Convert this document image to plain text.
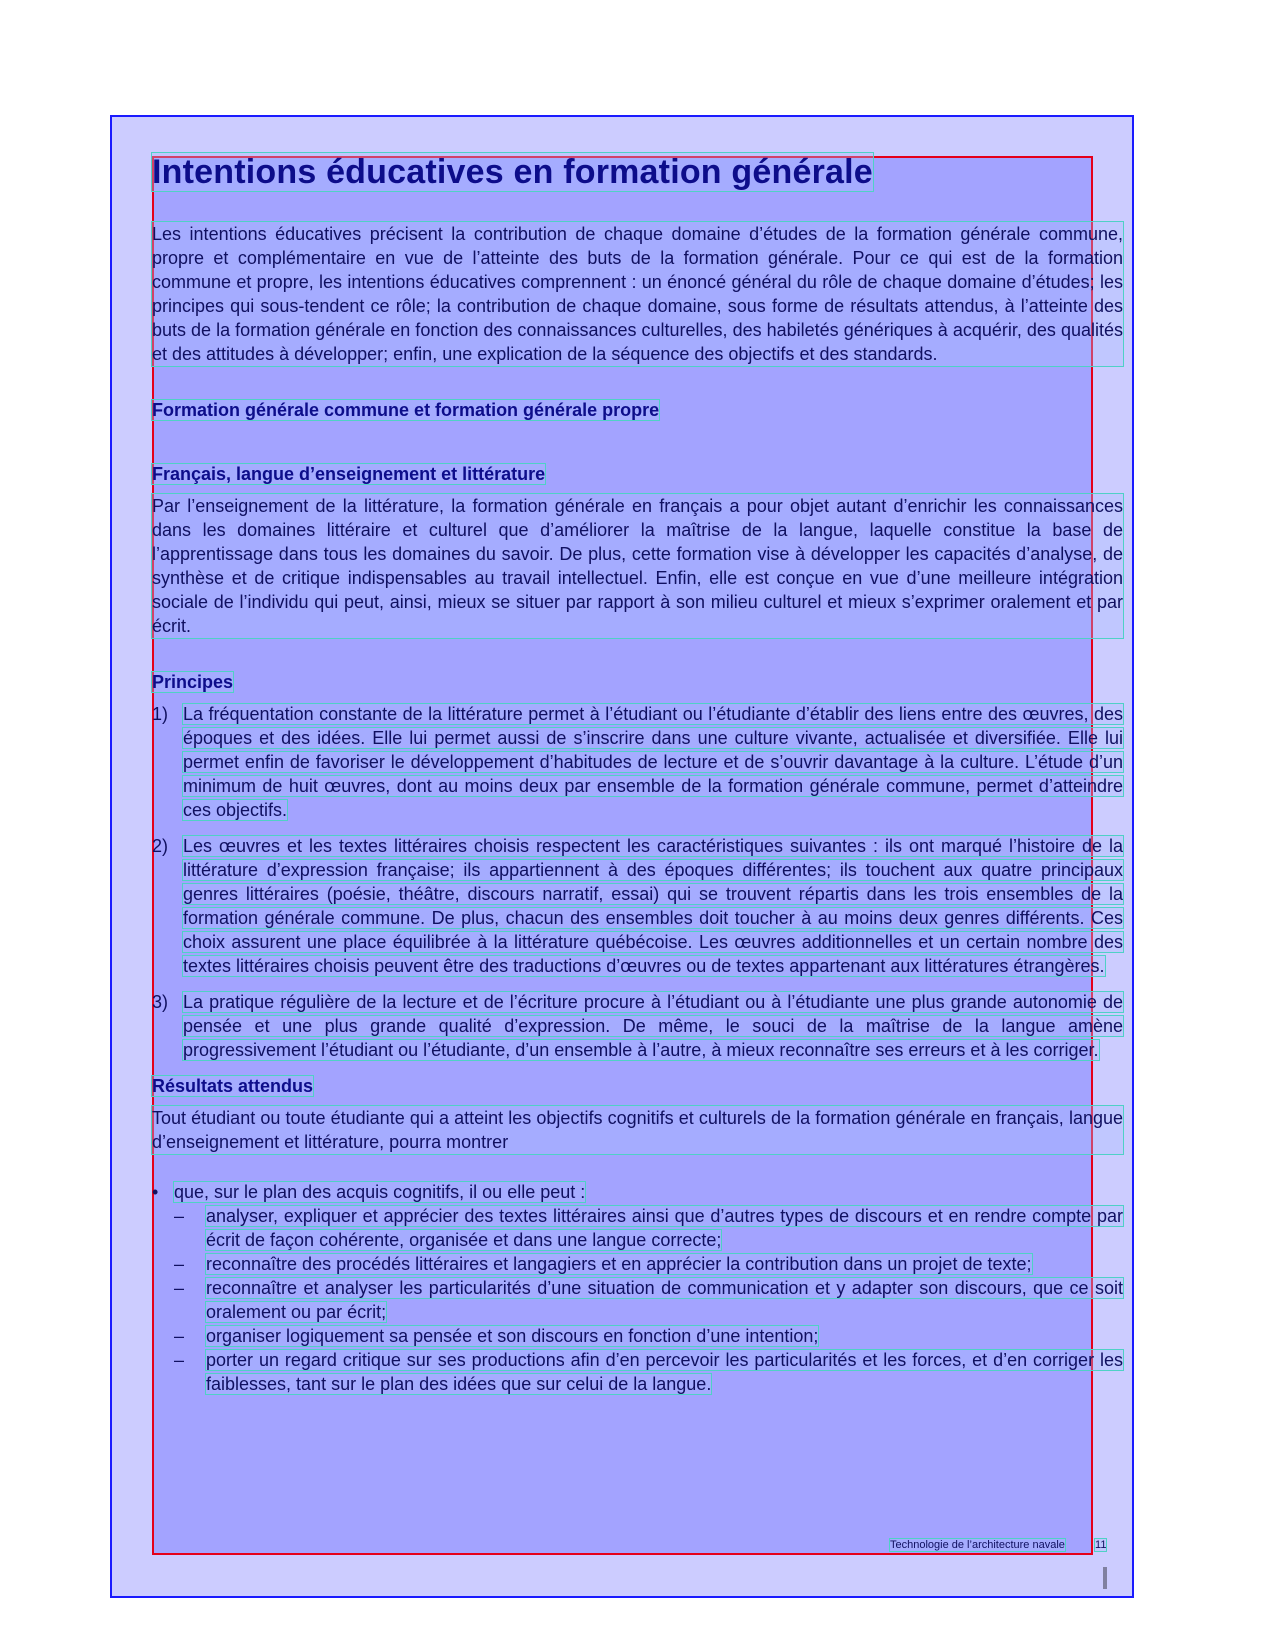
Intentions éducatives en formation générale

Les intentions éducatives précisent la contribution de chaque domaine d’études de la formation générale commune, propre et complémentaire en vue de l’atteinte des buts de la formation générale. Pour ce qui est de la formation commune et propre, les intentions éducatives comprennent : un énoncé général du rôle de chaque domaine d’études; les principes qui sous-tendent ce rôle; la contribution de chaque domaine, sous forme de résultats attendus, à l’atteinte des buts de la formation générale en fonction des connaissances culturelles, des habiletés génériques à acquérir, des qualités et des attitudes à développer; enfin, une explication de la séquence des objectifs et des standards.

Formation générale commune et formation générale propre
Français, langue d’enseignement et littérature

Par l’enseignement de la littérature, la formation générale en français a pour objet autant d’enrichir les connaissances dans les domaines littéraire et culturel que d’améliorer la maîtrise de la langue, laquelle constitue la base de l’apprentissage dans tous les domaines du savoir. De plus, cette formation vise à développer les capacités d’analyse, de synthèse et de critique indispensables au travail intellectuel. Enfin, elle est conçue en vue d’une meilleure intégration sociale de l’individu qui peut, ainsi, mieux se situer par rapport à son milieu culturel et mieux s’exprimer oralement et par écrit.

Principes
1) La fréquentation constante de la littérature permet à l’étudiant ou l’étudiante d’établir des liens entre des œuvres, des époques et des idées. Elle lui permet aussi de s’inscrire dans une culture vivante, actualisée et diversifiée. Elle lui permet enfin de favoriser le développement d’habitudes de lecture et de s’ouvrir davantage à la culture. L’étude d’un minimum de huit œuvres, dont au moins deux par ensemble de la formation générale commune, permet d’atteindre ces objectifs.
2) Les œuvres et les textes littéraires choisis respectent les caractéristiques suivantes : ils ont marqué l’histoire de la littérature d’expression française; ils appartiennent à des époques différentes; ils touchent aux quatre principaux genres littéraires (poésie, théâtre, discours narratif, essai) qui se trouvent répartis dans les trois ensembles de la formation générale commune. De plus, chacun des ensembles doit toucher à au moins deux genres différents. Ces choix assurent une place équilibrée à la littérature québécoise. Les œuvres additionnelles et un certain nombre des textes littéraires choisis peuvent être des traductions d’œuvres ou de textes appartenant aux littératures étrangères.
3) La pratique régulière de la lecture et de l’écriture procure à l’étudiant ou à l’étudiante une plus grande autonomie de pensée et une plus grande qualité d’expression. De même, le souci de la maîtrise de la langue amène progressivement l’étudiant ou l’étudiante, d’un ensemble à l’autre, à mieux reconnaître ses erreurs et à les corriger.
Résultats attendus

Tout étudiant ou toute étudiante qui a atteint les objectifs cognitifs et culturels de la formation générale en français, langue d’enseignement et littérature, pourra montrer

• que, sur le plan des acquis cognitifs, il ou elle peut :
– analyser, expliquer et apprécier des textes littéraires ainsi que d’autres types de discours et en rendre compte par écrit de façon cohérente, organisée et dans une langue correcte;
– reconnaître des procédés littéraires et langagiers et en apprécier la contribution dans un projet de texte;
– reconnaître et analyser les particularités d’une situation de communication et y adapter son discours, que ce soit oralement ou par écrit;
– organiser logiquement sa pensée et son discours en fonction d’une intention;
– porter un regard critique sur ses productions afin d’en percevoir les particularités et les forces, et d’en corriger les faiblesses, tant sur le plan des idées que sur celui de la langue.
Technologie de l’architecture navale	11
